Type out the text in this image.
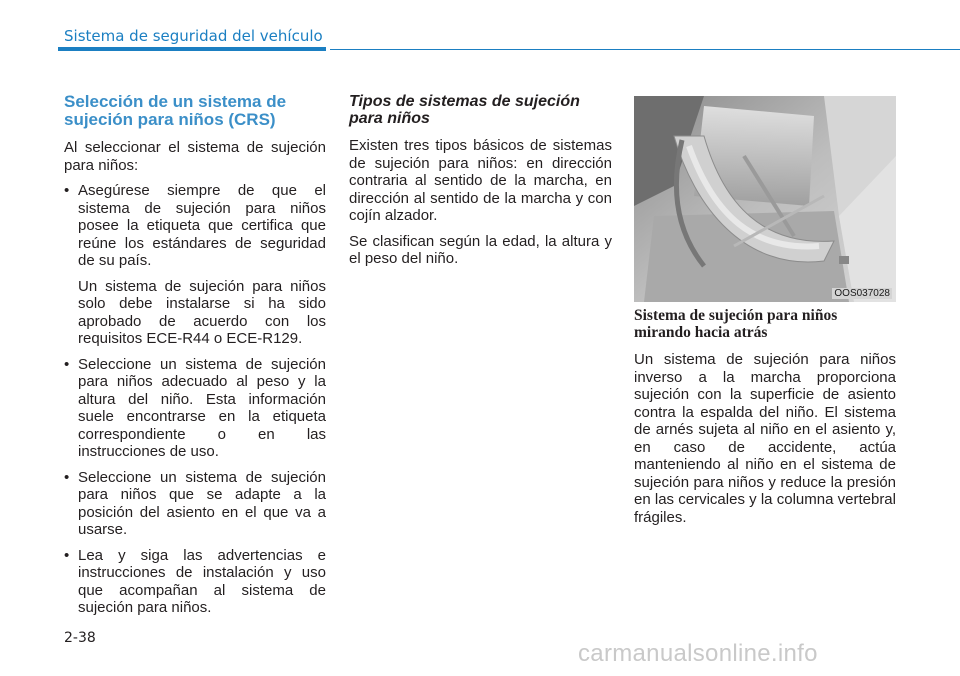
Sistema de seguridad del vehículo
Selección de un sistema de sujeción para niños (CRS)

Al seleccionar el sistema de sujeción para niños:

• Asegúrese siempre de que el sistema de sujeción para niños posee la etiqueta que certifica que reúne los estándares de seguridad de su país.

Un sistema de sujeción para niños solo debe instalarse si ha sido aprobado de acuerdo con los requisitos ECE-R44 o ECE-R129.

• Seleccione un sistema de sujeción para niños adecuado al peso y la altura del niño. Esta información suele encontrarse en la etiqueta correspondiente o en las instrucciones de uso.

• Seleccione un sistema de sujeción para niños que se adapte a la posición del asiento en el que va a usarse.

• Lea y siga las advertencias e instrucciones de instalación y uso que acompañan al sistema de sujeción para niños.

Tipos de sistemas de sujeción para niños

Existen tres tipos básicos de sistemas de sujeción para niños: en dirección contraria al sentido de la marcha, en dirección al sentido de la marcha y con cojín alzador.

Se clasifican según la edad, la altura y el peso del niño.

OOS037028
Sistema de sujeción para niños mirando hacia atrás

Un sistema de sujeción para niños inverso a la marcha proporciona sujeción con la superficie de asiento contra la espalda del niño. El sistema de arnés sujeta al niño en el asiento y, en caso de accidente, actúa manteniendo al niño en el sistema de sujeción para niños y reduce la presión en las cervicales y la columna vertebral frágiles.

2-38
carmanualsonline.info
